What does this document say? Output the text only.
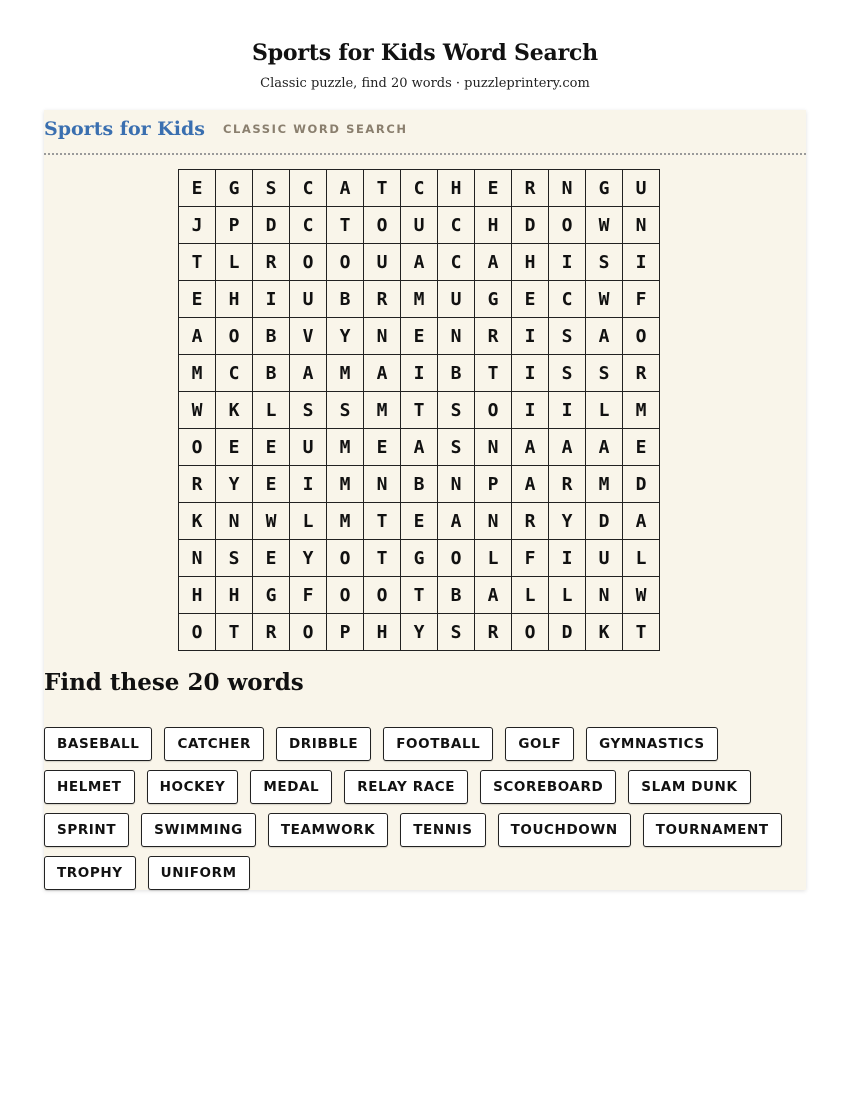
Sports for Kids Word Search
Classic puzzle, find 20 words · puzzleprintery.com
Sports for Kids CLASSIC WORD SEARCH
E	G	S	C	A	T	C	H	E	R	N	G	U
J	P	D	C	T	O	U	C	H	D	O	W	N
T	L	R	O	O	U	A	C	A	H	I	S	I
E	H	I	U	B	R	M	U	G	E	C	W	F
A	O	B	V	Y	N	E	N	R	I	S	A	O
M	C	B	A	M	A	I	B	T	I	S	S	R
W	K	L	S	S	M	T	S	O	I	I	L	M
O	E	E	U	M	E	A	S	N	A	A	A	E
R	Y	E	I	M	N	B	N	P	A	R	M	D
K	N	W	L	M	T	E	A	N	R	Y	D	A
N	S	E	Y	O	T	G	O	L	F	I	U	L
H	H	G	F	O	O	T	B	A	L	L	N	W
O	T	R	O	P	H	Y	S	R	O	D	K	T
Find these 20 words
BASEBALL	CATCHER	DRIBBLE	FOOTBALL	GOLF	GYMNASTICS
HELMET	HOCKEY	MEDAL	RELAY RACE	SCOREBOARD	SLAM DUNK
SPRINT	SWIMMING	TEAMWORK	TENNIS	TOUCHDOWN	TOURNAMENT
TROPHY	UNIFORM
